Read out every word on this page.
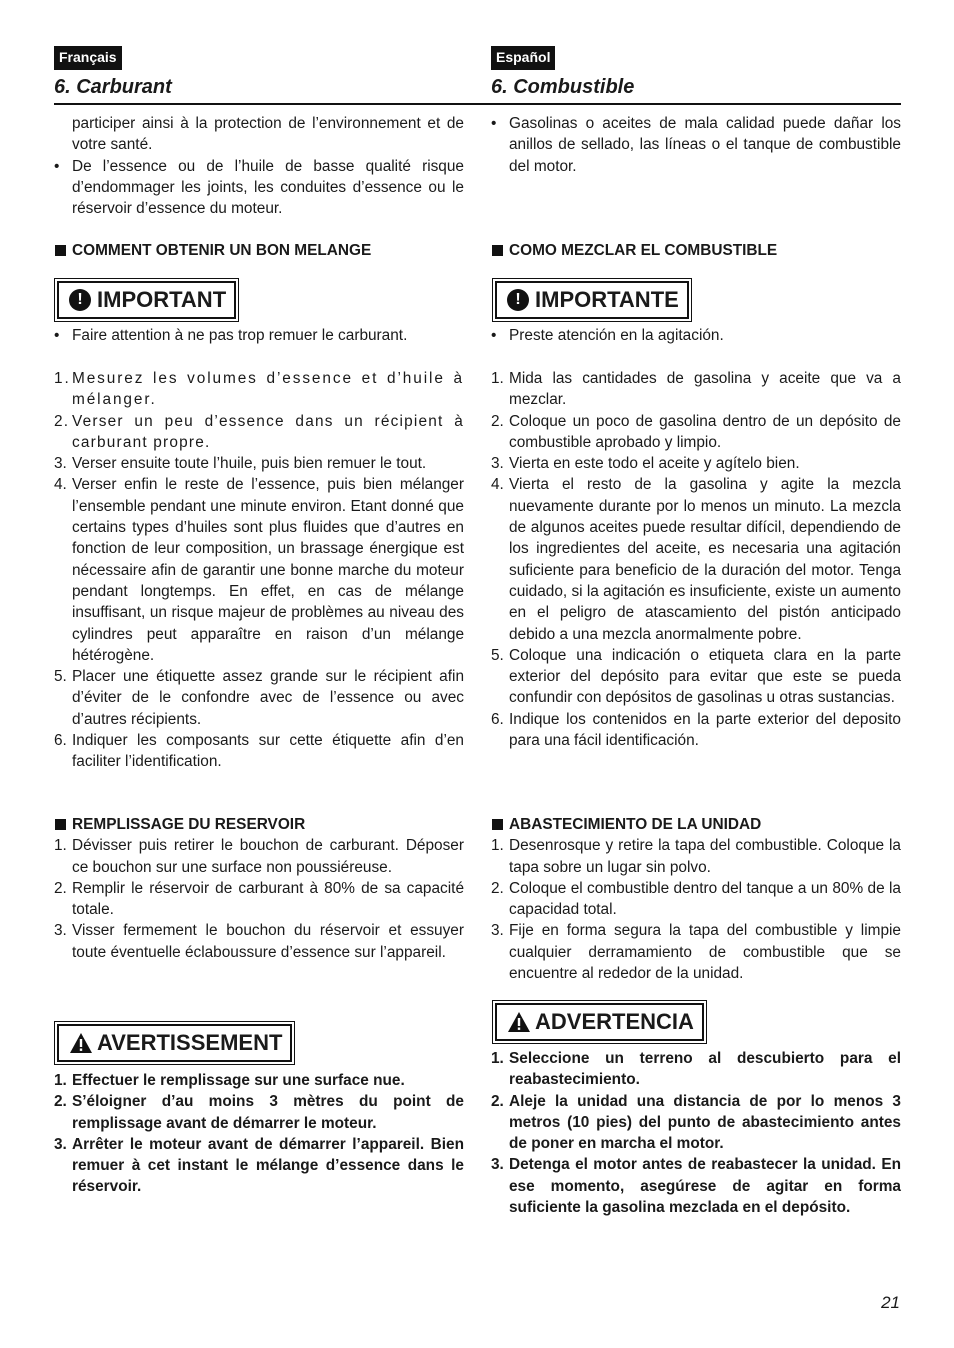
Français
6. Carburant
Español
6. Combustible
participer ainsi à la protection de l’environnement et de votre santé.
• De l’essence ou de l’huile de basse qualité risque d’endommager les joints, les conduites d’essence ou le réservoir d’essence du moteur.
• Gasolinas o aceites de mala calidad puede dañar los anillos de sellado, las líneas o el tanque de combustible del motor.
COMMENT OBTENIR UN BON MELANGE	COMO MEZCLAR EL COMBUSTIBLE
! IMPORTANT	! IMPORTANTE
• Faire attention à ne pas trop remuer le carburant.
•	Preste atención en la agitación.
1. Mesurez les volumes d’essence et d’huile à mélanger.
2. Verser un peu d’essence dans un récipient à carburant propre.
3. Verser ensuite toute l’huile, puis bien remuer le tout.
4. Verser enfin le reste de l’essence, puis bien mélanger l’ensemble pendant une minute environ. Etant donné que certains types d’huiles sont plus fluides que d’autres en fonction de leur composition, un brassage énergique est nécessaire afin de garantir une bonne marche du moteur pendant longtemps. En effet, en cas de mélange insuffisant, un risque majeur de problèmes au niveau des cylindres peut apparaître en raison d’un mélange hétérogène.
5. Placer une étiquette assez grande sur le récipient afin d’éviter de le confondre avec de l’essence ou avec d’autres récipients.
6. Indiquer les composants sur cette étiquette afin d’en faciliter l’identification.
1. Mida las cantidades de gasolina y aceite que va a mezclar.
2. Coloque un poco de gasolina dentro de un depósito de combustible aprobado y limpio.
3. Vierta en este todo el aceite y agítelo bien.
4. Vierta el resto de la gasolina y agite la mezcla nuevamente durante por lo menos un minuto. La mezcla de algunos aceites puede resultar difícil, dependiendo de los ingredientes del aceite, es necesaria una agitación suficiente para beneficio de la duración del motor. Tenga cuidado, si la agitación es insuficiente, existe un aumento en el peligro de atascamiento del pistón anticipado debido a una mezcla anormalmente pobre.
5. Coloque una indicación o etiqueta clara en la parte exterior del depósito para evitar que este se pueda confundir con depósitos de gasolinas u otras sustancias.
6. Indique los contenidos en la parte exterior del deposito para una fácil identificación.
REMPLISSAGE DU RESERVOIR
1. Dévisser puis retirer le bouchon de carburant. Déposer ce bouchon sur une surface non poussiéreuse.
2. Remplir le réservoir de carburant à 80% de sa capacité totale.
3. Visser fermement le bouchon du réservoir et essuyer toute éventuelle éclaboussure d’essence sur l’appareil.
ABASTECIMIENTO DE LA UNIDAD
1. Desenrosque y retire la tapa del combustible. Coloque la tapa sobre un lugar sin polvo.
2. Coloque el combustible dentro del tanque a un 80% de la capacidad total.
3. Fije en forma segura la tapa del combustible y limpie cualquier derramamiento de combustible que se encuentre al rededor de la unidad.
AVERTISSEMENT
ADVERTENCIA
1. Effectuer le remplissage sur une surface nue.
2. S’éloigner d’au moins 3 mètres du point de remplissage avant de démarrer le moteur.
3. Arrêter le moteur avant de démarrer l’appareil. Bien remuer à cet instant le mélange d’essence dans le réservoir.
1. Seleccione un terreno al descubierto para el reabastecimiento.
2. Aleje la unidad una distancia de por lo menos 3 metros (10 pies) del punto de abastecimiento antes de poner en marcha el motor.
3. Detenga el motor antes de reabastecer la unidad. En ese momento, asegúrese de agitar en forma suficiente la gasolina mezclada en el depósito.
21
